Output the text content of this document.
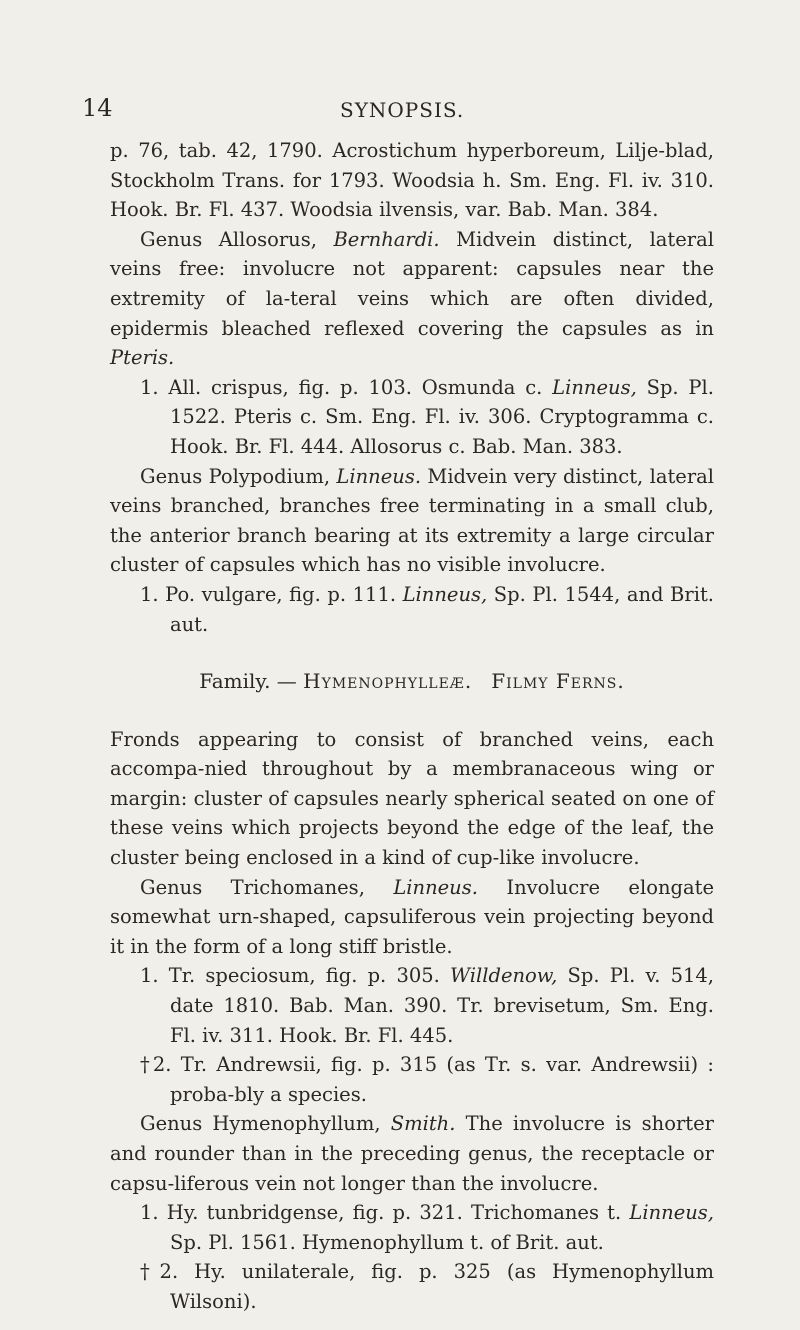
14	SYNOPSIS.

p. 76, tab. 42, 1790. Acrostichum hyperboreum, Lilje-blad, Stockholm Trans. for 1793. Woodsia h. Sm. Eng. Fl. iv. 310. Hook. Br. Fl. 437. Woodsia ilvensis, var. Bab. Man. 384.

Genus Allosorus, Bernhardi. Midvein distinct, lateral veins free: involucre not apparent: capsules near the extremity of la-teral veins which are often divided, epidermis bleached reflexed covering the capsules as in Pteris.

1. All. crispus, fig. p. 103. Osmunda c. Linneus, Sp. Pl. 1522. Pteris c. Sm. Eng. Fl. iv. 306. Cryptogramma c. Hook. Br. Fl. 444. Allosorus c. Bab. Man. 383.

Genus Polypodium, Linneus. Midvein very distinct, lateral veins branched, branches free terminating in a small club, the anterior branch bearing at its extremity a large circular cluster of capsules which has no visible involucre.

1. Po. vulgare, fig. p. 111. Linneus, Sp. Pl. 1544, and Brit. aut.

Family. — Hymenophylleæ. Filmy Ferns.

Fronds appearing to consist of branched veins, each accompa-nied throughout by a membranaceous wing or margin: cluster of capsules nearly spherical seated on one of these veins which projects beyond the edge of the leaf, the cluster being enclosed in a kind of cup-like involucre.

Genus Trichomanes, Linneus. Involucre elongate somewhat urn-shaped, capsuliferous vein projecting beyond it in the form of a long stiff bristle.

1. Tr. speciosum, fig. p. 305. Willdenow, Sp. Pl. v. 514, date 1810. Bab. Man. 390. Tr. brevisetum, Sm. Eng. Fl. iv. 311. Hook. Br. Fl. 445.

†2. Tr. Andrewsii, fig. p. 315 (as Tr. s. var. Andrewsii) : proba-bly a species.

Genus Hymenophyllum, Smith. The involucre is shorter and rounder than in the preceding genus, the receptacle or capsu-liferous vein not longer than the involucre.

1. Hy. tunbridgense, fig. p. 321. Trichomanes t. Linneus, Sp. Pl. 1561. Hymenophyllum t. of Brit. aut.

†2. Hy. unilaterale, fig. p. 325 (as Hymenophyllum Wilsoni).
